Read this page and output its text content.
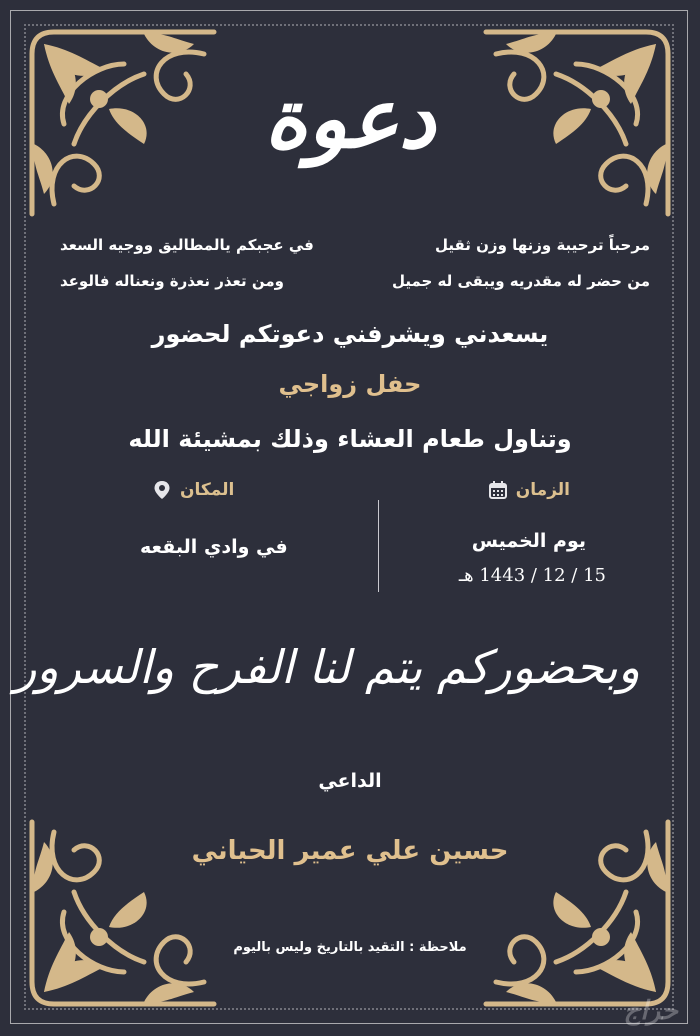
دعوة
مرحباً ترحيبة وزنها وزن ثقيل
في عجبكم يالمطاليق ووجيه السعد
من حضر له مقدريه ويبقى له جميل
ومن تعذر نعذرة ونعناله فالوعد
يسعدني ويشرفني دعوتكم لحضور
حفل زواجي
وتناول طعام العشاء وذلك بمشيئة الله
الزمان
المكان
يوم الخميس
15 / 12 / 1443 هـ
في وادي البقعه
وبحضوركم يتم لنا الفرح والسرور
الداعي
حسين علي عمير الحياني
ملاحظة : التقيد بالتاريخ وليس باليوم
حراج
